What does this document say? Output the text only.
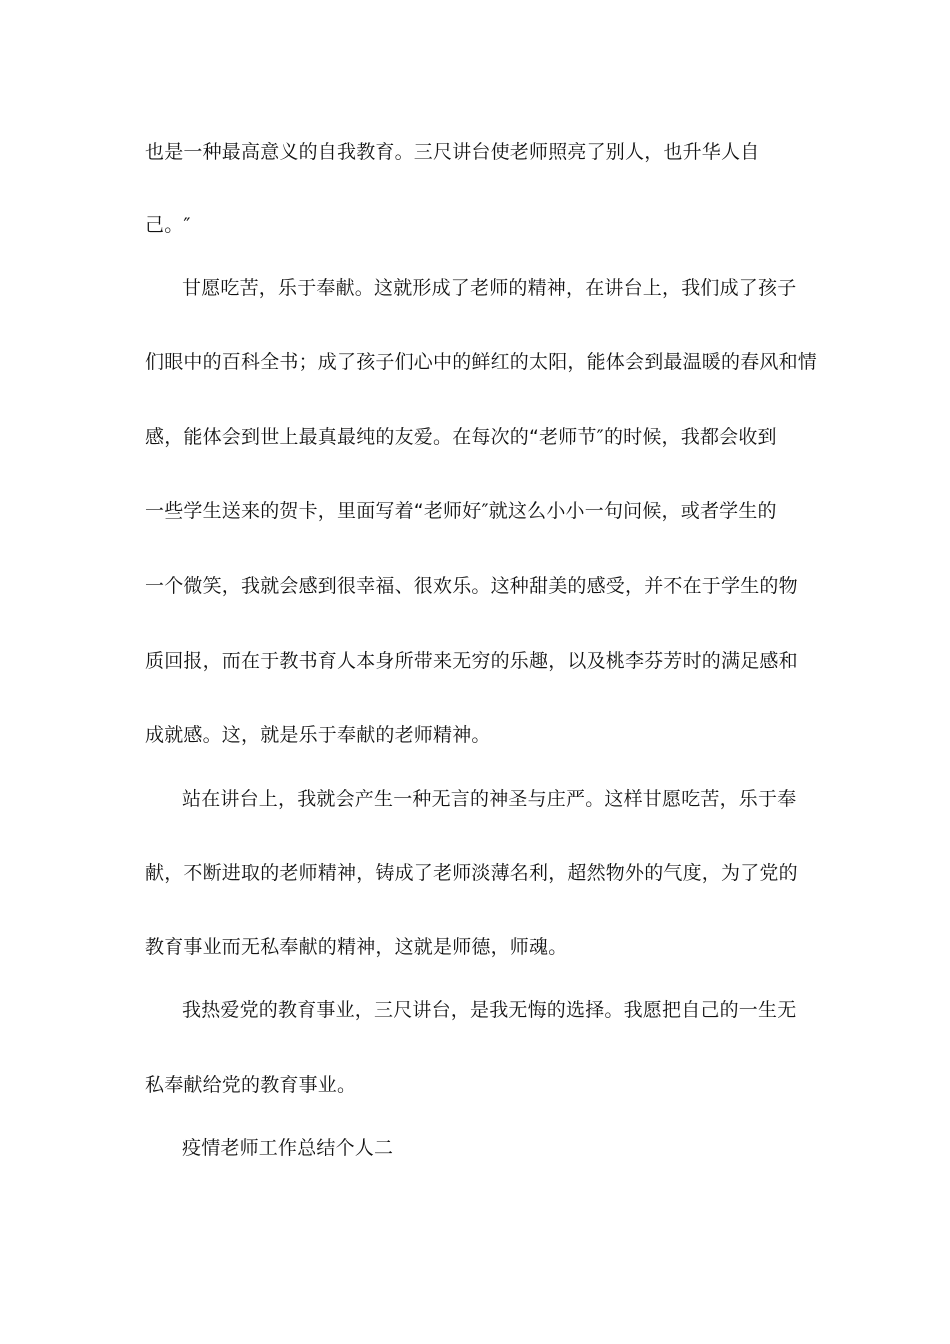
也是一种最高意义的自我教育。三尺讲台使老师照亮了别人，也升华人自
己。″
甘愿吃苦，乐于奉献。这就形成了老师的精神，在讲台上，我们成了孩子
们眼中的百科全书；成了孩子们心中的鲜红的太阳，能体会到最温暖的春风和情
感，能体会到世上最真最纯的友爱。在每次的“老师节″的时候，我都会收到
一些学生送来的贺卡，里面写着“老师好″就这么小小一句问候，或者学生的
一个微笑，我就会感到很幸福、很欢乐。这种甜美的感受，并不在于学生的物
质回报，而在于教书育人本身所带来无穷的乐趣，以及桃李芬芳时的满足感和
成就感。这，就是乐于奉献的老师精神。
站在讲台上，我就会产生一种无言的神圣与庄严。这样甘愿吃苦，乐于奉
献，不断进取的老师精神，铸成了老师淡薄名利，超然物外的气度，为了党的
教育事业而无私奉献的精神，这就是师德，师魂。
我热爱党的教育事业，三尺讲台，是我无悔的选择。我愿把自己的一生无
私奉献给党的教育事业。
疫情老师工作总结个人二
